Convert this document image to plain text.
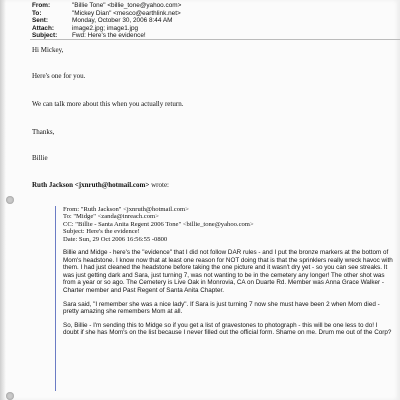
From:	"Billie Tone" <billie_tone@yahoo.com>
To:	"Mickey Dian" <mesco@earthlink.net>
Sent:	Monday, October 30, 2006 8:44 AM
Attach:	image2.jpg; image1.jpg
Subject:	Fwd: Here's the evidence!
Hi Mickey,
Here's one for you.
We can talk more about this when you actually return.
Thanks,
Billie
Ruth Jackson <jxnruth@hotmail.com> wrote:
From: "Ruth Jackson" <jxnruth@hotmail.com>
To: "Midge" <zanda@inreach.com>
CC: "Billie - Santa Anita Regent 2006 Tone" <billie_tone@yahoo.com>
Subject: Here's the evidence!
Date: Sun, 29 Oct 2006 16:56:55 -0800

Billie and Midge - here's the "evidence" that I did not follow DAR rules - and I put the bronze markers at the bottom of Mom's headstone. I know now that at least one reason for NOT doing that is that the sprinklers really wreck havoc with them. I had just cleaned the headstone before taking the one picture and it wasn't dry yet - so you can see streaks. It was just getting dark and Sara, just turning 7, was not wanting to be in the cemetery any longer! The other shot was from a year or so ago. The Cemetery is Live Oak in Monrovia, CA on Duarte Rd. Member was Anna Grace Walker - Charter member and Past Regent of Santa Anita Chapter.

Sara said, "I remember she was a nice lady". If Sara is just turning 7 now she must have been 2 when Mom died - pretty amazing she remembers Mom at all.

So, Billie - I'm sending this to Midge so if you get a list of gravestones to photograph - this will be one less to do! I doubt if she has Mom's on the list because I never filled out the official form. Shame on me. Drum me out of the Corp?
